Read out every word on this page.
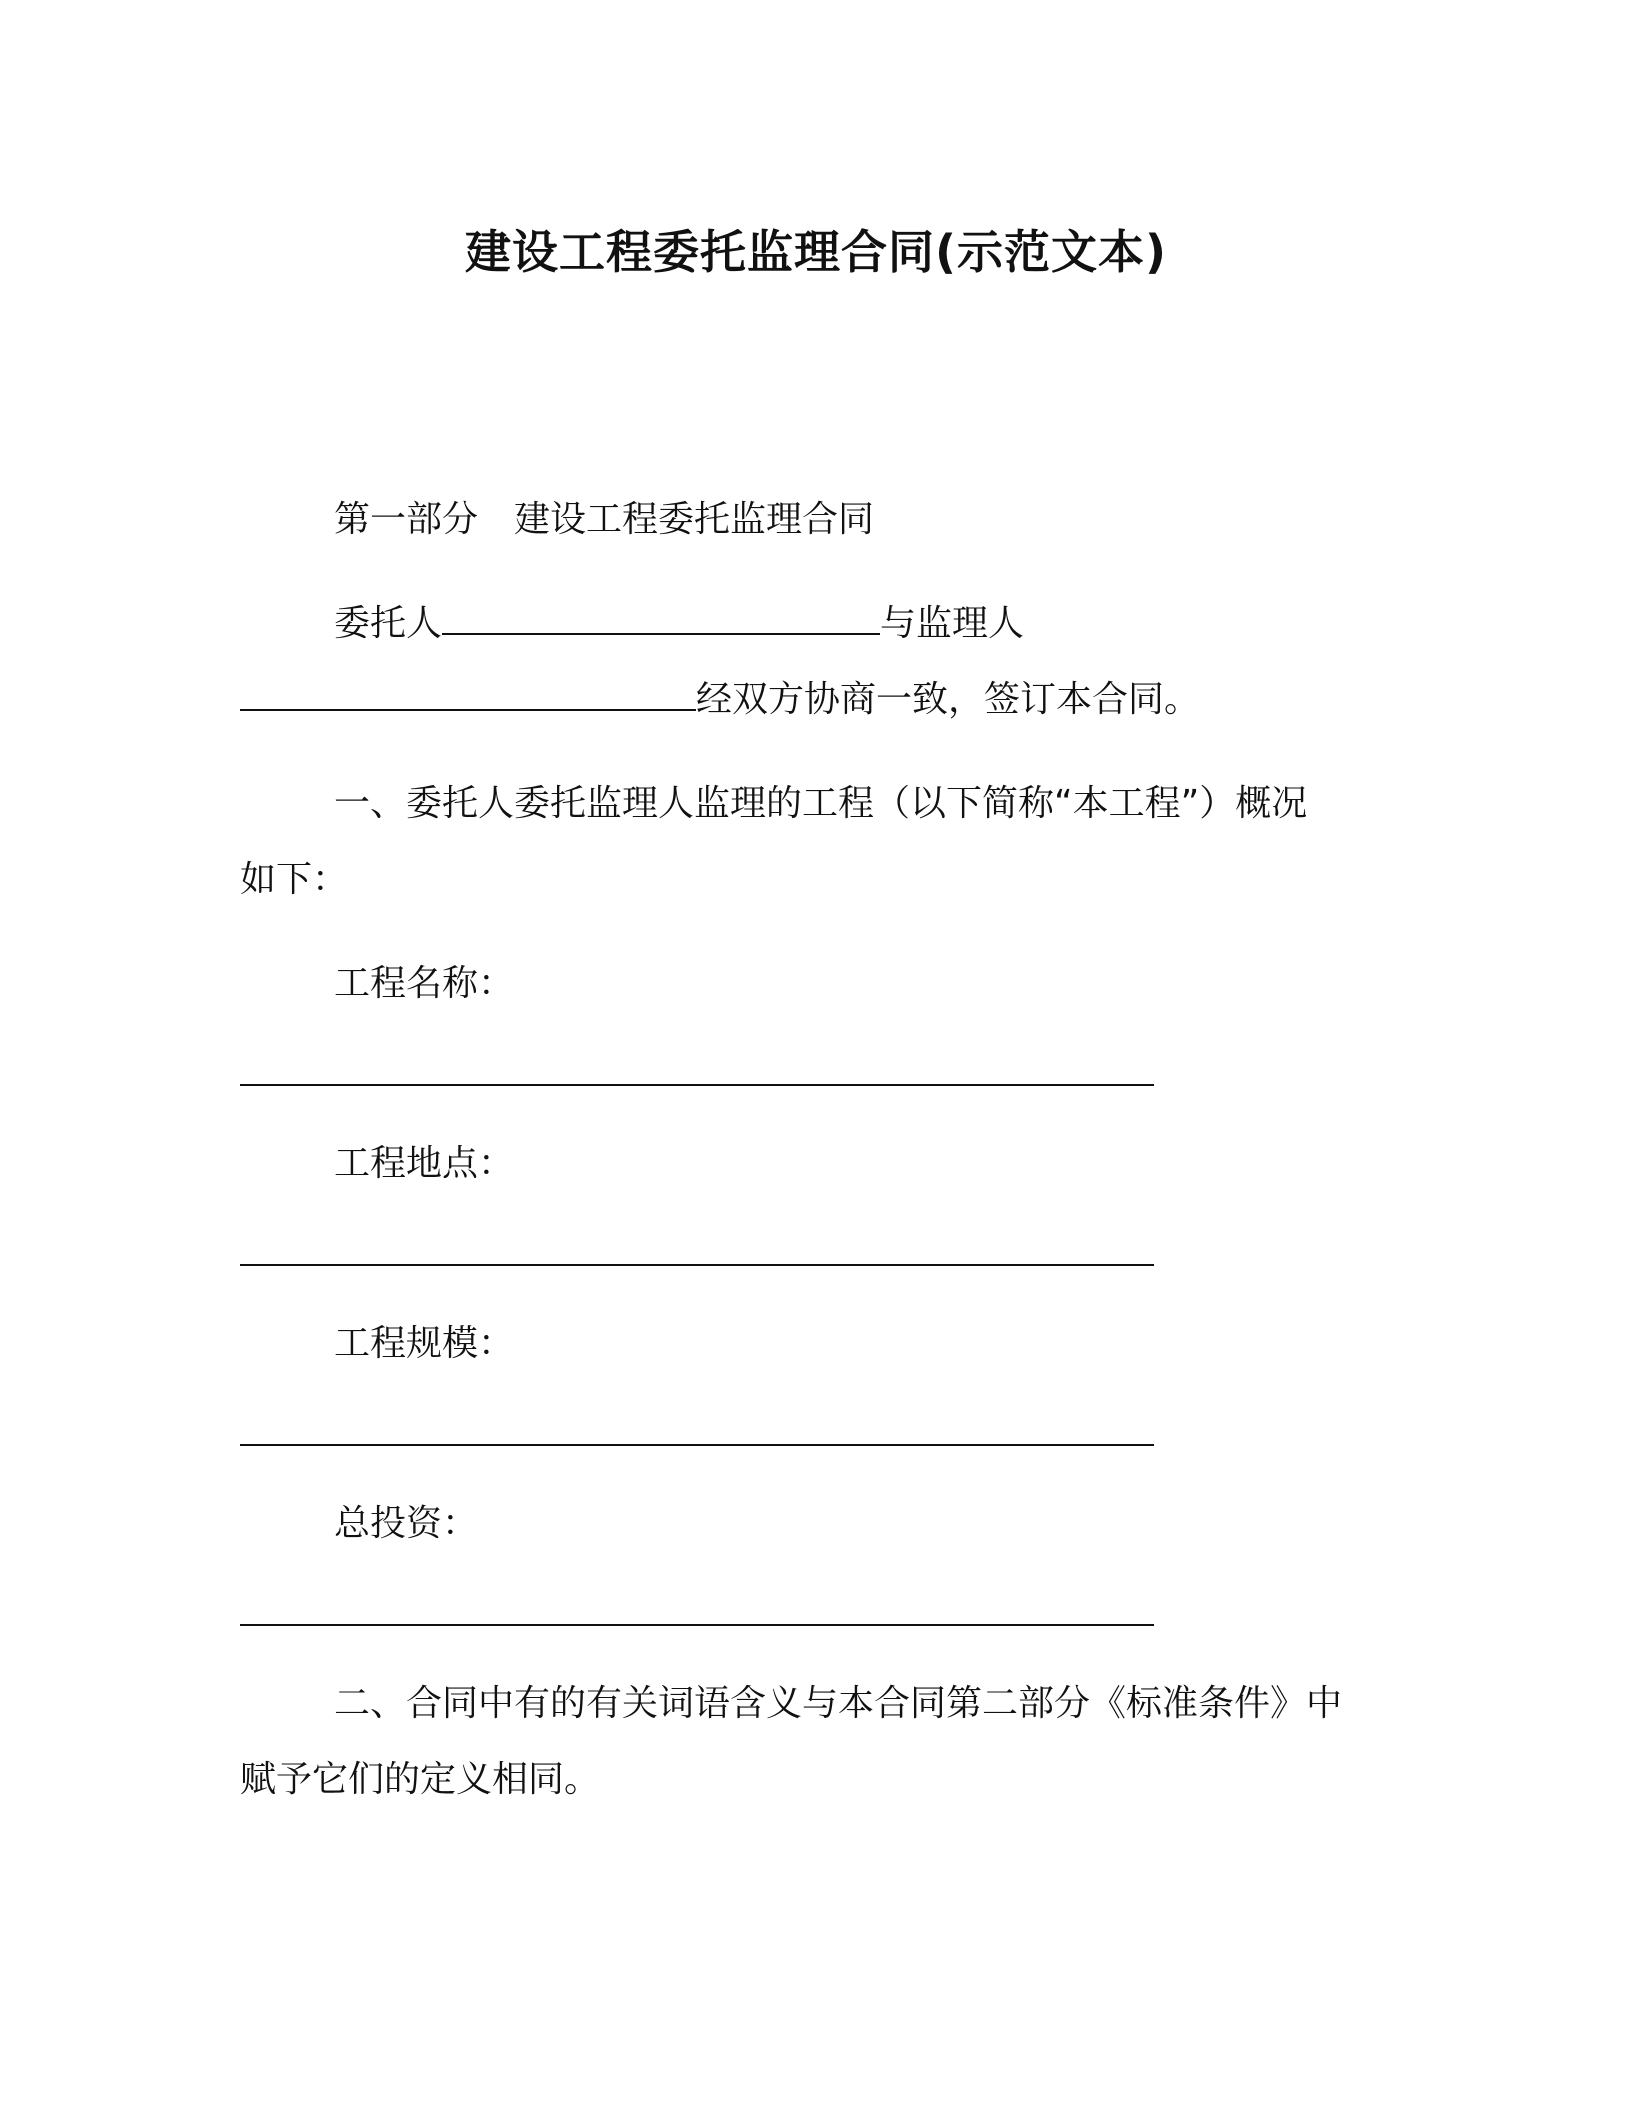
建设工程委托监理合同(示范文本)
第一部分　建设工程委托监理合同
委托人	与监理人
经双方协商一致，签订本合同。
一、委托人委托监理人监理的工程（以下简称“本工程”）概况
如下：
工程名称：
工程地点：
工程规模：
总投资：
二、合同中有的有关词语含义与本合同第二部分《标准条件》中
赋予它们的定义相同。
